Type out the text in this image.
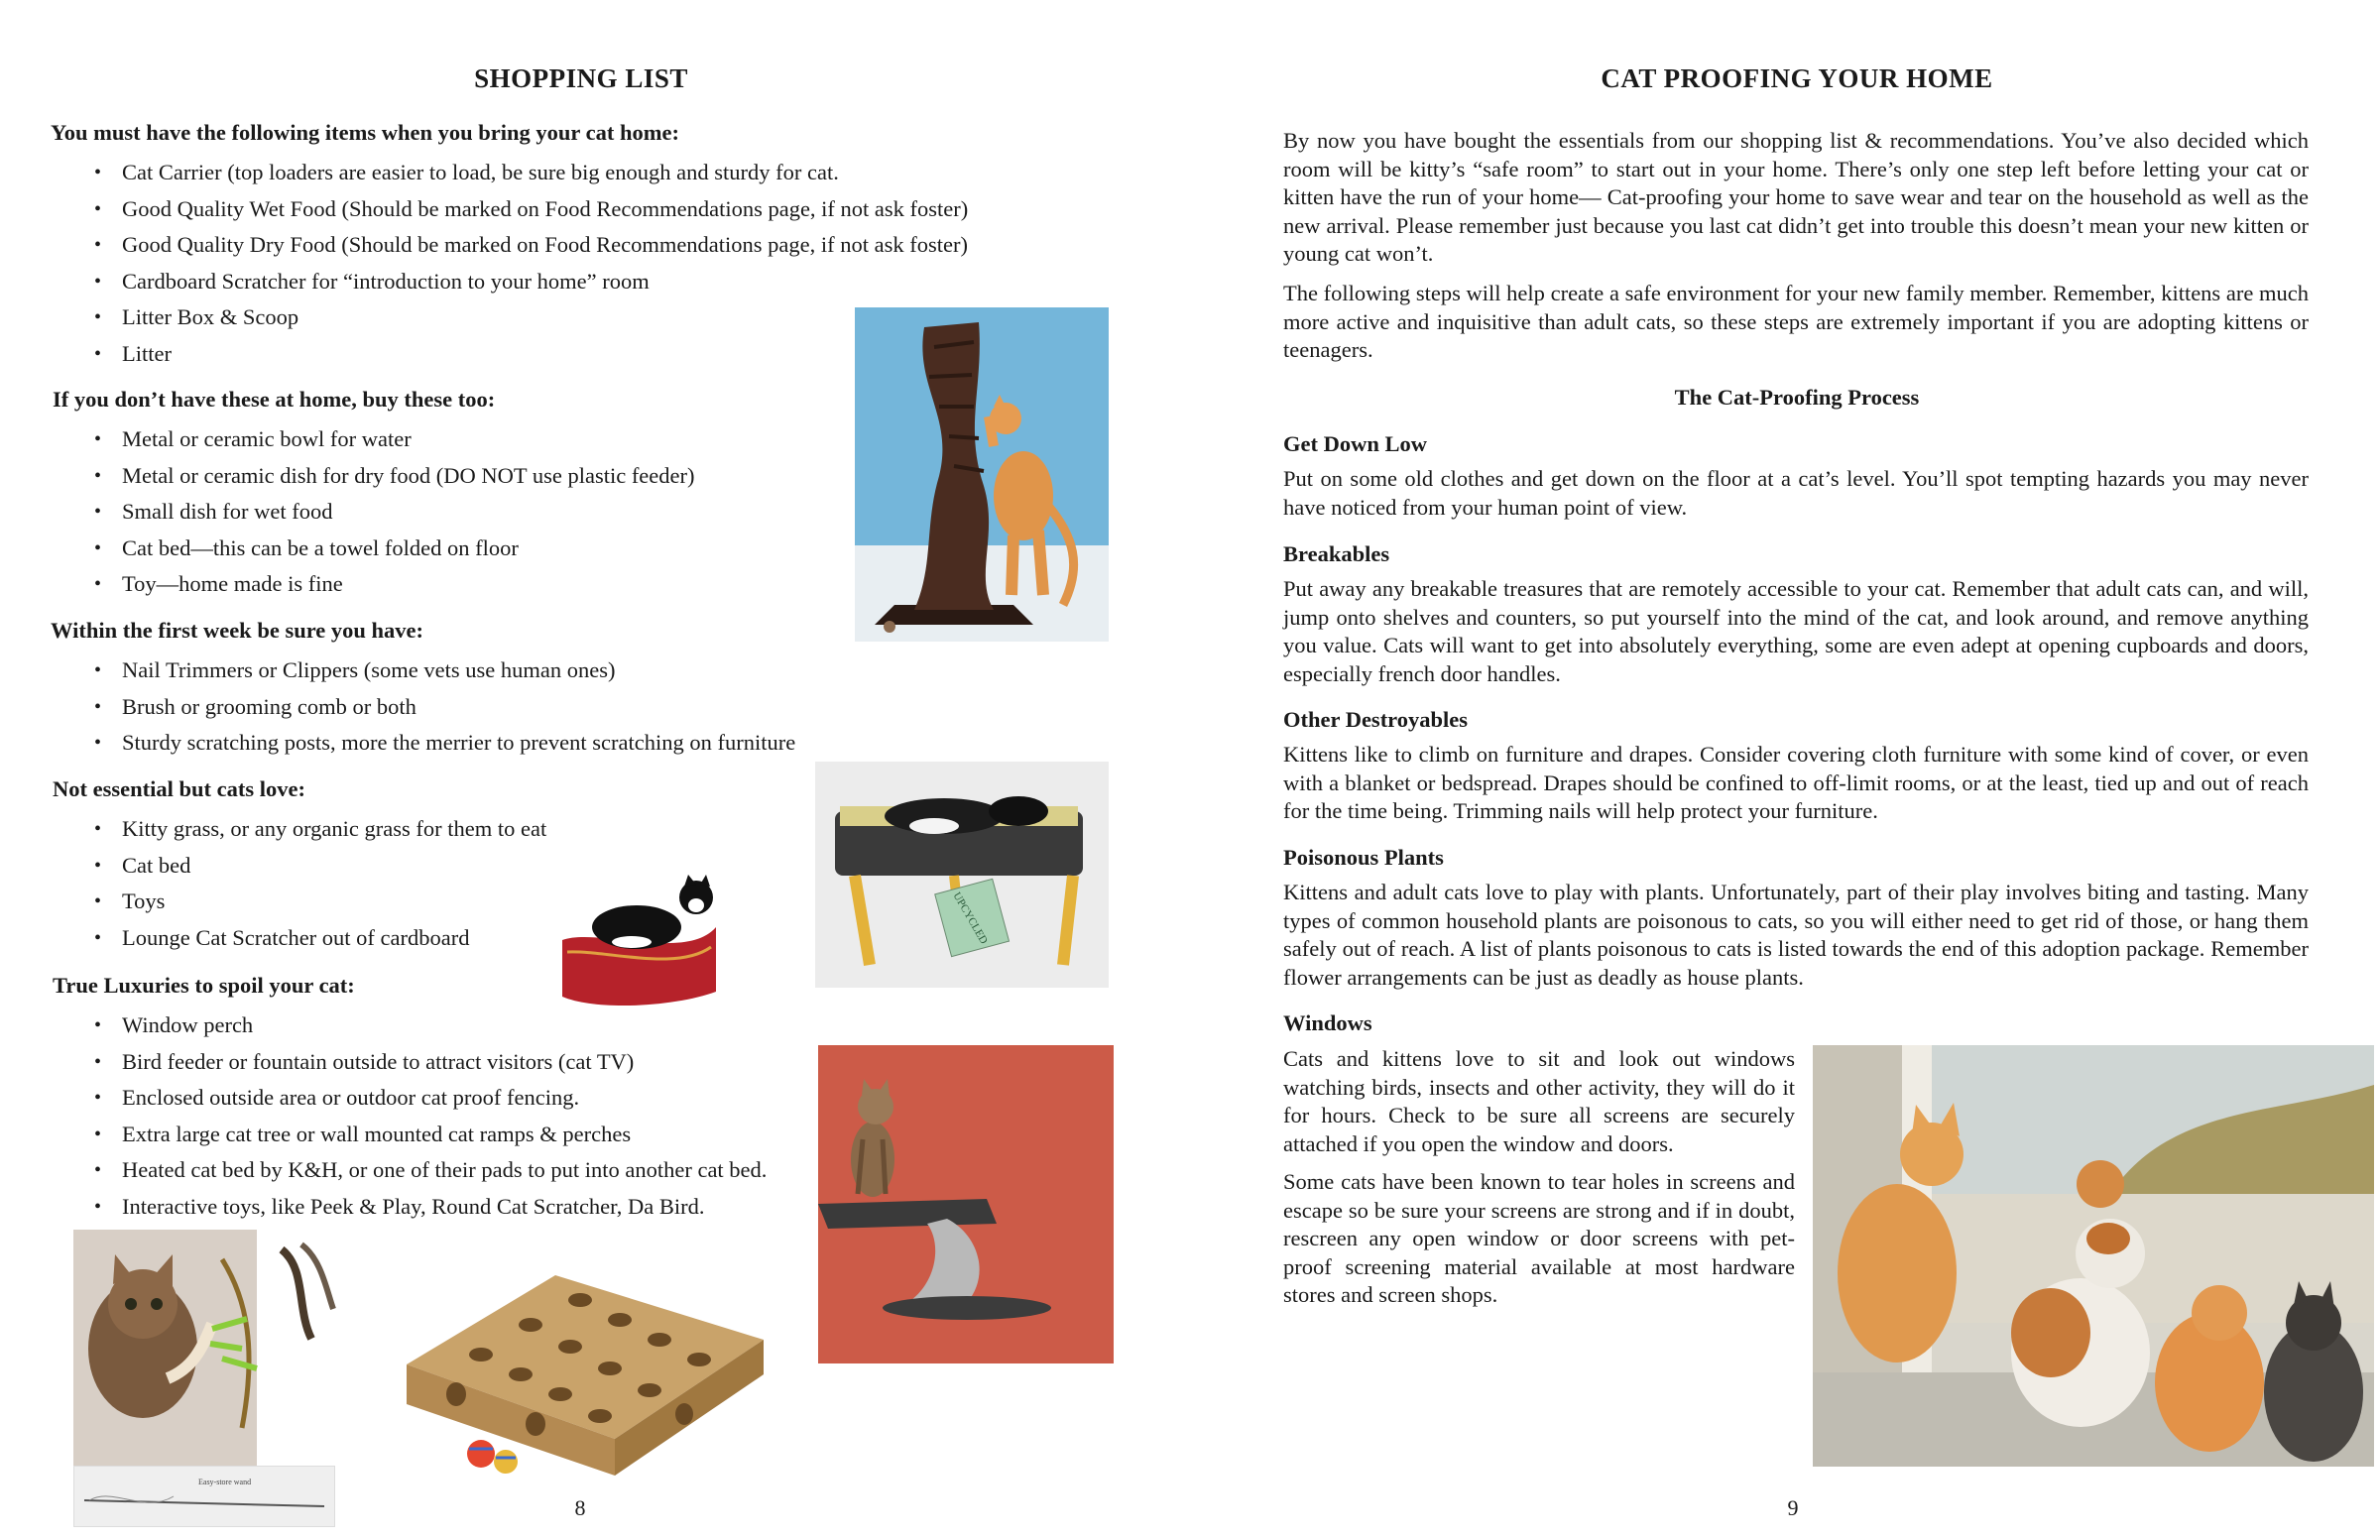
SHOPPING LIST
You must have the following items when you bring your cat home:
• Cat Carrier (top loaders are easier to load, be sure big enough and sturdy for cat.
• Good Quality Wet Food (Should be marked on Food Recommendations page, if not ask foster)
• Good Quality Dry Food (Should be marked on Food Recommendations page, if not ask foster)
• Cardboard Scratcher for “introduction to your home” room
• Litter Box & Scoop
• Litter
If you don’t have these at home, buy these too:
• Metal or ceramic bowl for water
• Metal or ceramic dish for dry food (DO NOT use plastic feeder)
• Small dish for wet food
• Cat bed—this can be a towel folded on floor
• Toy—home made is fine
Within the first week be sure you have:
• Nail Trimmers or Clippers (some vets use human ones)
• Brush or grooming comb or both
• Sturdy scratching posts, more the merrier to prevent scratching on furniture
Not essential but cats love:
• Kitty grass, or any organic grass for them to eat
• Cat bed
• Toys
• Lounge Cat Scratcher out of cardboard
True Luxuries to spoil your cat:
• Window perch
• Bird feeder or fountain outside to attract visitors (cat TV)
• Enclosed outside area or outdoor cat proof fencing.
• Extra large cat tree or wall mounted cat ramps & perches
• Heated cat bed by K&H, or one of their pads to put into another cat bed.
• Interactive toys, like Peek & Play, Round Cat Scratcher, Da Bird.
UPCYCLED
Easy-store wand
8
CAT PROOFING YOUR HOME

By now you have bought the essentials from our shopping list & recommendations. You’ve also decided which room will be kitty’s “safe room” to start out in your home. There’s only one step left before letting your cat or kitten have the run of your home— Cat-proofing your home to save wear and tear on the household as well as the new arrival. Please remember just because you last cat didn’t get into trouble this doesn’t mean your new kitten or young cat won’t.

The following steps will help create a safe environment for your new family member. Remember, kittens are much more active and inquisitive than adult cats, so these steps are extremely important if you are adopting kittens or teenagers.

The Cat-Proofing Process
Get Down Low

Put on some old clothes and get down on the floor at a cat’s level. You’ll spot tempting hazards you may never have noticed from your human point of view.

Breakables

Put away any breakable treasures that are remotely accessible to your cat. Remember that adult cats can, and will, jump onto shelves and counters, so put yourself into the mind of the cat, and look around, and remove anything you value. Cats will want to get into absolutely everything, some are even adept at opening cupboards and doors, especially french door handles.

Other Destroyables

Kittens like to climb on furniture and drapes. Consider covering cloth furniture with some kind of cover, or even with a blanket or bedspread. Drapes should be confined to off-limit rooms, or at the least, tied up and out of reach for the time being. Trimming nails will help protect your furniture.

Poisonous Plants

Kittens and adult cats love to play with plants. Unfortunately, part of their play involves biting and tasting. Many types of common household plants are poisonous to cats, so you will either need to get rid of those, or hang them safely out of reach. A list of plants poisonous to cats is listed towards the end of this adoption package. Remember flower arrangements can be just as deadly as house plants.

Windows

Cats and kittens love to sit and look out windows watching birds, insects and other activity, they will do it for hours. Check to be sure all screens are securely attached if you open the window and doors.

Some cats have been known to tear holes in screens and escape so be sure your screens are strong and if in doubt, rescreen any open window or door screens with pet-proof screening material available at most hardware stores and screen shops.

9
